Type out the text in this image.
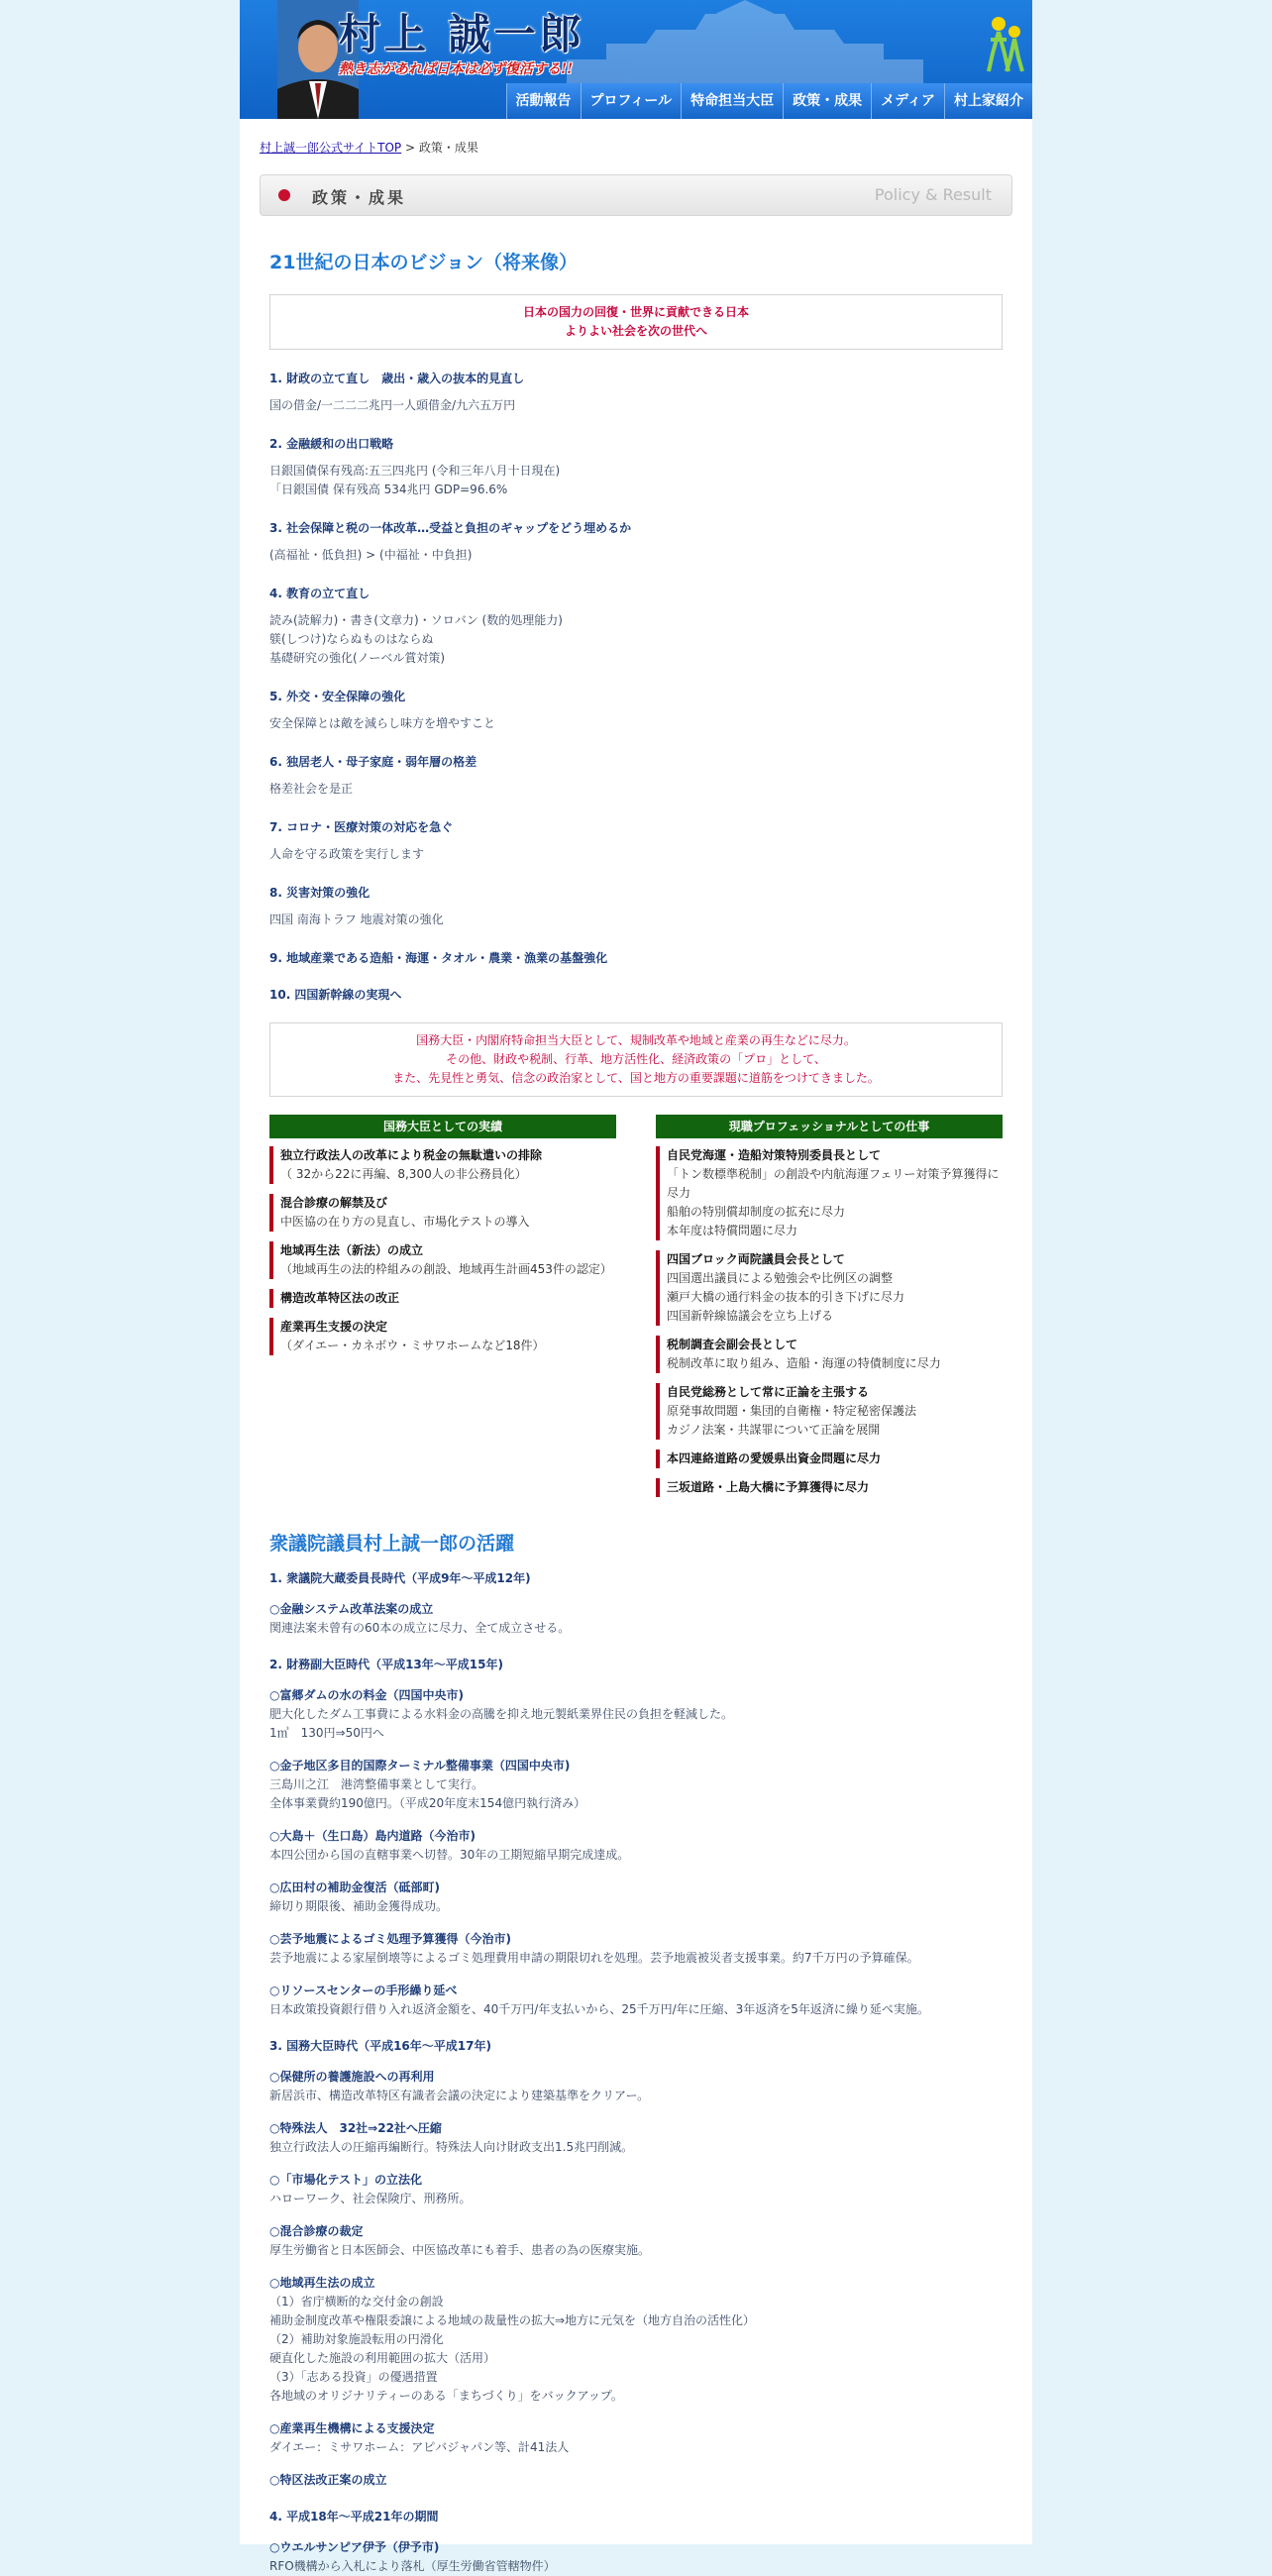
村上 誠一郎
熱き志があれば日本は必ず復活する!!
活動報告	プロフィール	特命担当大臣	政策・成果	メディア	村上家紹介
村上誠一郎公式サイトTOP > 政策・成果
政策・成果	Policy & Result
21世紀の日本のビジョン（将来像）
日本の国力の回復・世界に貢献できる日本
よりよい社会を次の世代へ
1. 財政の立て直し　歳出・歳入の抜本的見直し
国の借金/一二二二兆円一人頭借金/九六五万円
2. 金融緩和の出口戦略
日銀国債保有残高:五三四兆円 (令和三年八月十日現在)
「日銀国債 保有残高 534兆円 GDP=96.6%
3. 社会保障と税の一体改革…受益と負担のギャップをどう埋めるか
(高福祉・低負担) > (中福祉・中負担)
4. 教育の立て直し
読み(読解力)・書き(文章力)・ソロバン (数的処理能力)
躾(しつけ)ならぬものはならぬ
基礎研究の強化(ノーベル賞対策)
5. 外交・安全保障の強化
安全保障とは敵を減らし味方を増やすこと
6. 独居老人・母子家庭・弱年層の格差
格差社会を是正
7. コロナ・医療対策の対応を急ぐ
人命を守る政策を実行します
8. 災害対策の強化
四国 南海トラフ 地震対策の強化
9. 地域産業である造船・海運・タオル・農業・漁業の基盤強化
10. 四国新幹線の実現へ
国務大臣・内閣府特命担当大臣として、規制改革や地域と産業の再生などに尽力。
その他、財政や税制、行革、地方活性化、経済政策の「プロ」として、
また、先見性と勇気、信念の政治家として、国と地方の重要課題に道筋をつけてきました。
国務大臣としての実績
独立行政法人の改革により税金の無駄遣いの排除
（ 32から22に再編、8,300人の非公務員化）
混合診療の解禁及び
中医協の在り方の見直し、市場化テストの導入
地域再生法（新法）の成立
（地域再生の法的枠組みの創設、地域再生計画453件の認定）
構造改革特区法の改正
産業再生支援の決定
（ダイエー・カネボウ・ミサワホームなど18件）
現職プロフェッショナルとしての仕事
自民党海運・造船対策特別委員長として
「トン数標準税制」の創設や内航海運フェリー対策予算獲得に尽力
船舶の特別償却制度の拡充に尽力
本年度は特償問題に尽力
四国ブロック両院議員会長として
四国選出議員による勉強会や比例区の調整
瀬戸大橋の通行料金の抜本的引き下げに尽力
四国新幹線協議会を立ち上げる
税制調査会副会長として
税制改革に取り組み、造船・海運の特債制度に尽力
自民党総務として常に正論を主張する
原発事故問題・集団的自衛権・特定秘密保護法
カジノ法案・共謀罪について正論を展開
本四連絡道路の愛媛県出資金問題に尽力
三坂道路・上島大橋に予算獲得に尽力
衆議院議員村上誠一郎の活躍
1. 衆議院大蔵委員長時代（平成9年～平成12年)
○金融システム改革法案の成立
関連法案未曾有の60本の成立に尽力、全て成立させる。
2. 財務副大臣時代（平成13年～平成15年)
○富郷ダムの水の料金（四国中央市)
肥大化したダム工事費による水料金の高騰を抑え地元製紙業界住民の負担を軽減した。
1㎥　130円⇒50円へ
○金子地区多目的国際ターミナル整備事業（四国中央市)
三島川之江　港湾整備事業として実行。
全体事業費約190億円。（平成20年度末154億円執行済み）
○大島＋（生口島）島内道路（今治市)
本四公団から国の直轄事業へ切替。30年の工期短縮早期完成達成。
○広田村の補助金復活（砥部町)
締切り期限後、補助金獲得成功。
○芸予地震によるゴミ処理予算獲得（今治市)
芸予地震による家屋倒壊等によるゴミ処理費用申請の期限切れを処理。芸予地震被災者支援事業。約7千万円の予算確保。
○リソースセンターの手形繰り延べ
日本政策投資銀行借り入れ返済金額を、40千万円/年支払いから、25千万円/年に圧縮、3年返済を5年返済に繰り延べ実施。
3. 国務大臣時代（平成16年～平成17年)
○保健所の養護施設への再利用
新居浜市、構造改革特区有識者会議の決定により建築基準をクリアー。
○特殊法人　32社⇒22社へ圧縮
独立行政法人の圧縮再編断行。特殊法人向け財政支出1.5兆円削減。
○「市場化テスト」の立法化
ハローワーク、社会保険庁、刑務所。
○混合診療の裁定
厚生労働省と日本医師会、中医協改革にも着手、患者の為の医療実施。
○地域再生法の成立
（1）省庁横断的な交付金の創設
補助金制度改革や権限委譲による地域の裁量性の拡大⇒地方に元気を（地方自治の活性化）
（2）補助対象施設転用の円滑化
硬直化した施設の利用範囲の拡大（活用）
（3）「志ある投資」の優遇措置
各地域のオリジナリティーのある「まちづくり」をバックアップ。
○産業再生機構による支援決定
ダイエー：ミサワホーム：アピバジャパン等、計41法人
○特区法改正案の成立
4. 平成18年～平成21年の期間
○ウエルサンピア伊予（伊予市)
RFO機構から入札により落札（厚生労働省管轄物件）
